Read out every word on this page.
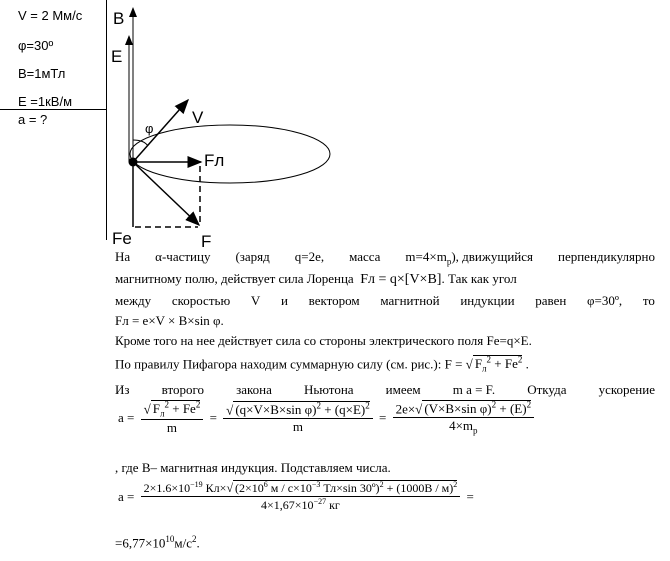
V = 2 Мм/с
φ=30º
B=1мТл
E =1кВ/м
a = ?
B
E
V
φ
Fл
Fe	F
На α-частицу (заряд q=2e, масса $m=4\times m_p$), движущийся перпендикулярно
магнитному полю, действует сила Лоренца Fл = q×[V×B]. Так как угол
между скоростью V и вектором магнитной индукции равен φ=30º, то
Fл = e×V × B×sin φ.
Кроме того на нее действует сила со стороны электрического поля Fe=q×E.
По правилу Пифагора находим суммарную силу (см. рис.): F = √ $F_л^2 + Fe^2$ .
Из второго закона Ньютона имеем m a = F. Откуда ускорение
$a = \frac{√ F_л^2 + Fe^2}{m} = \frac{√ (q\times V\times B\times\sin \varphi)^2 + (q\times E)^2}{m} = \frac{2e\times√ (V\times B\times\sin \varphi)^2 + (E)^2}{4\times m_p}$
, где В– магнитная индукция. Подставляем числа.
a =
$2\times 1.6\times 10^{-19}$ Кл×√ ($2\times 10^6$ $м / с\times 10^{-3}$ Тл×sin 30º)$^2$ + (1000В / м)$^2$
$4\times 1,67\times 10^{-27}$ кг
=
$=6,77\times 10^{10}м/с^2$.
